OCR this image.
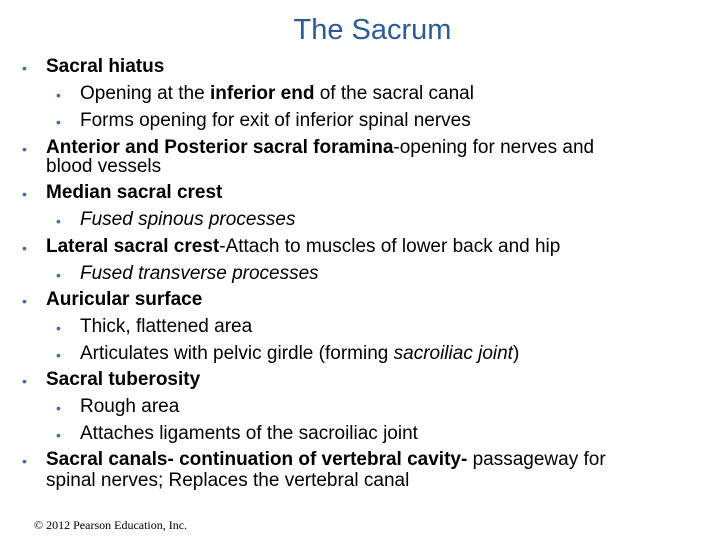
The Sacrum
• Sacral hiatus
• Opening at the inferior end of the sacral canal
• Forms opening for exit of inferior spinal nerves
• Anterior and Posterior sacral foramina-opening for nerves and
blood vessels
• Median sacral crest
• Fused spinous processes
• Lateral sacral crest-Attach to muscles of lower back and hip
• Fused transverse processes
• Auricular surface
• Thick, flattened area
• Articulates with pelvic girdle (forming sacroiliac joint)
• Sacral tuberosity
• Rough area
• Attaches ligaments of the sacroiliac joint
• Sacral canals- continuation of vertebral cavity- passageway for
spinal nerves; Replaces the vertebral canal
© 2012 Pearson Education, Inc.
